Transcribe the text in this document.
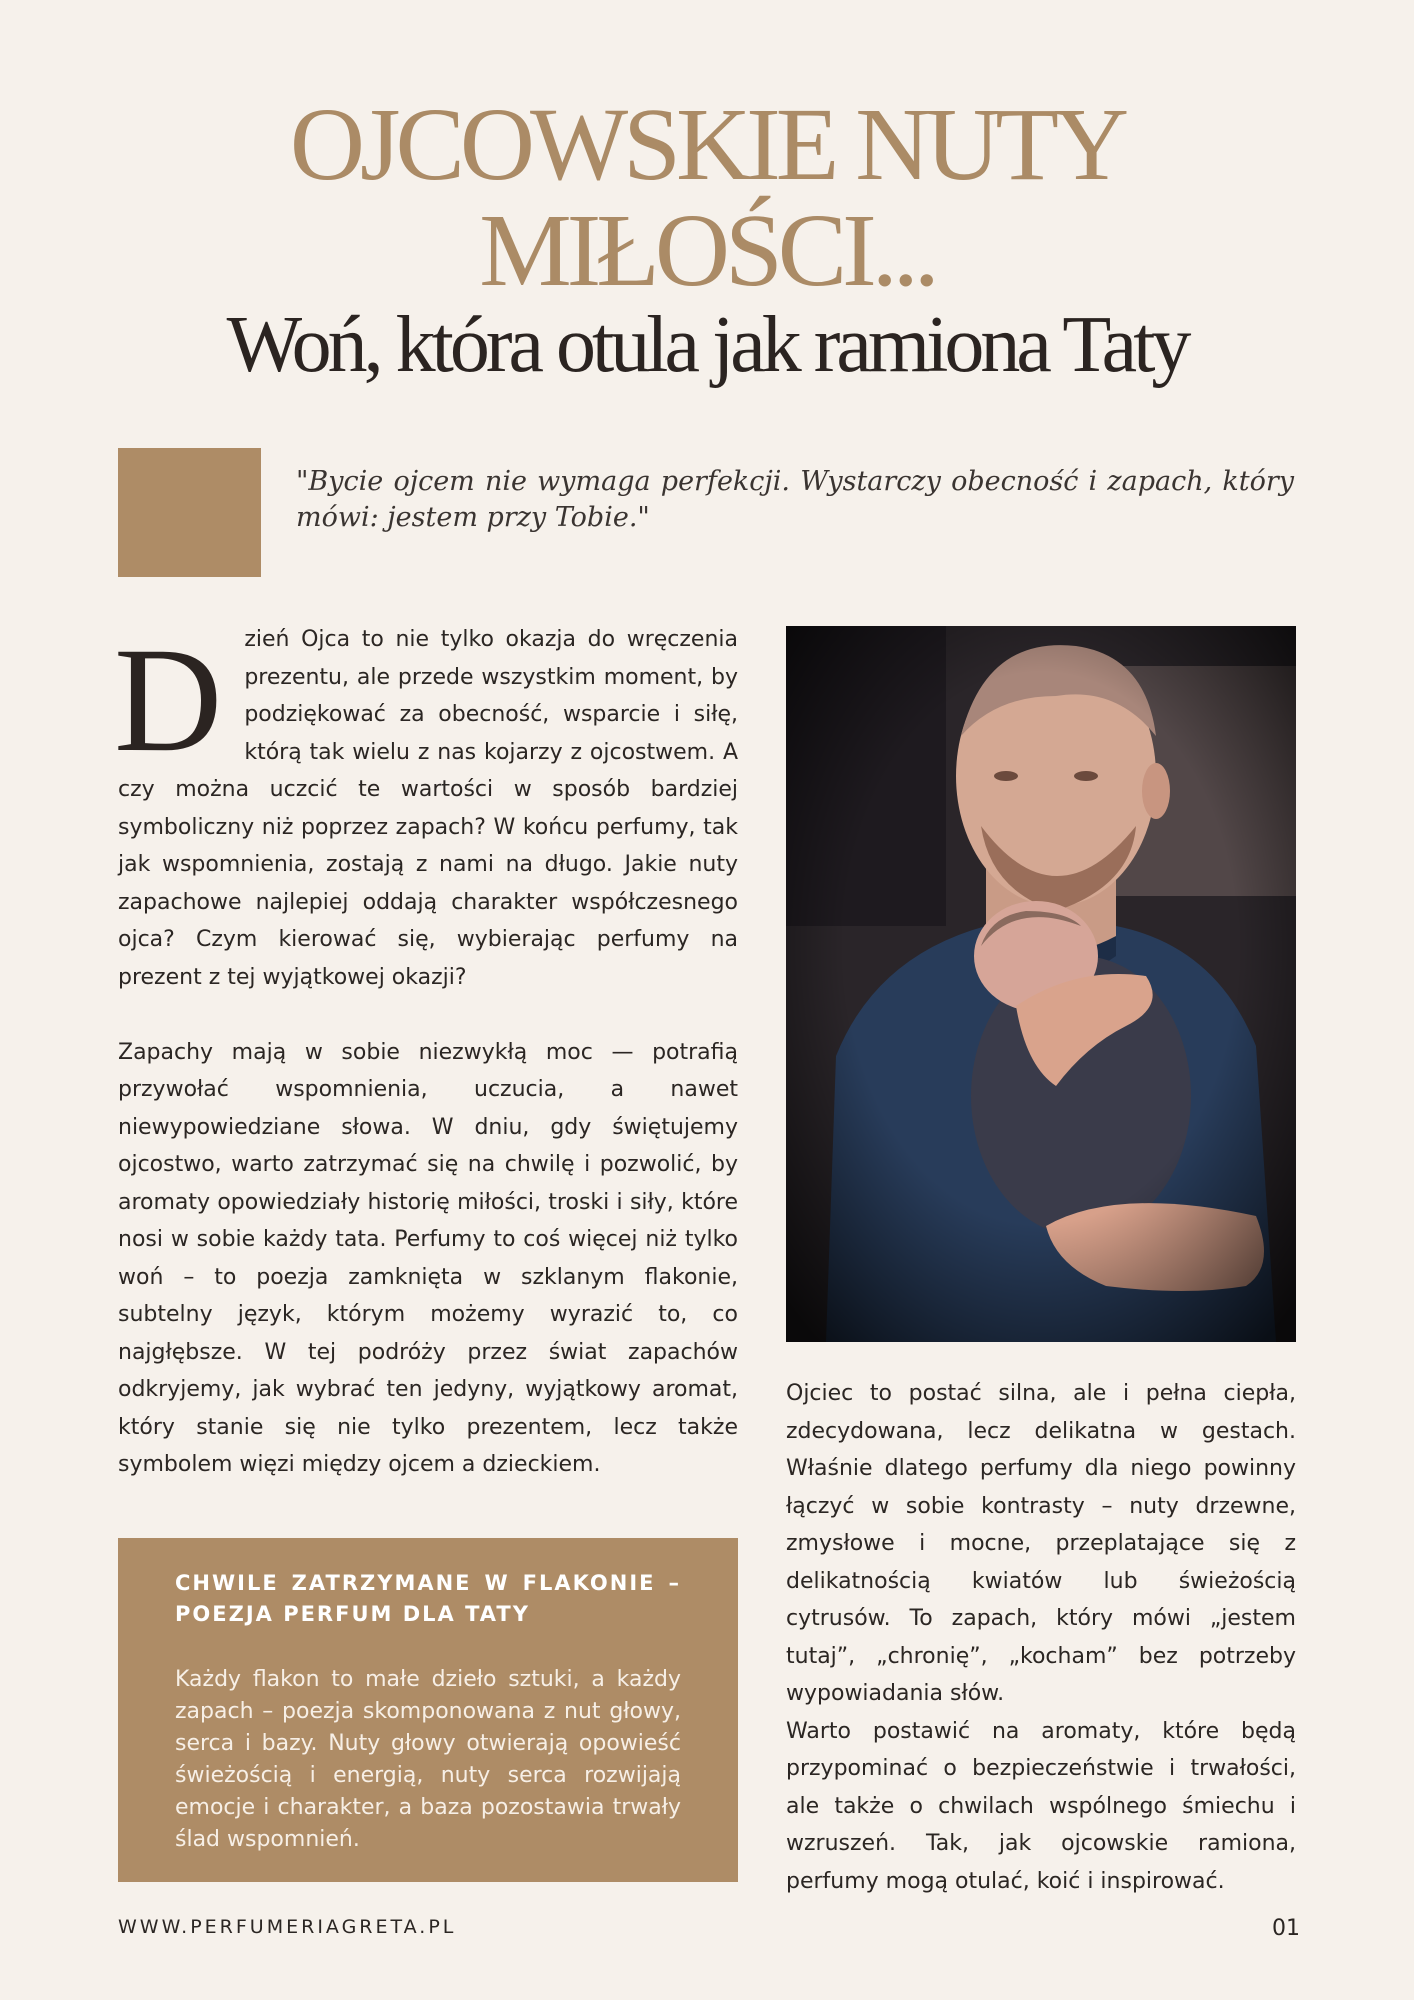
OJCOWSKIE NUTY
MIŁOŚCI...
Woń, która otula jak ramiona Taty
"Bycie ojcem nie wymaga perfekcji. Wystarczy obecność i zapach, który mówi: jestem przy Tobie."

D zień Ojca to nie tylko okazja do wręczenia prezentu, ale przede wszystkim moment, by podziękować za obecność, wsparcie i siłę, którą tak wielu z nas kojarzy z ojcostwem. A czy można uczcić te wartości w sposób bardziej symboliczny niż poprzez zapach? W końcu perfumy, tak jak wspomnienia, zostają z nami na długo. Jakie nuty zapachowe najlepiej oddają charakter współczesnego ojca? Czym kierować się, wybierając perfumy na prezent z tej wyjątkowej okazji?

Zapachy mają w sobie niezwykłą moc — potrafią przywołać wspomnienia, uczucia, a nawet niewypowiedziane słowa. W dniu, gdy świętujemy ojcostwo, warto zatrzymać się na chwilę i pozwolić, by aromaty opowiedziały historię miłości, troski i siły, które nosi w sobie każdy tata. Perfumy to coś więcej niż tylko woń – to poezja zamknięta w szklanym flakonie, subtelny język, którym możemy wyrazić to, co najgłębsze. W tej podróży przez świat zapachów odkryjemy, jak wybrać ten jedyny, wyjątkowy aromat, który stanie się nie tylko prezentem, lecz także symbolem więzi między ojcem a dzieckiem.

Ojciec to postać silna, ale i pełna ciepła, zdecydowana, lecz delikatna w gestach. Właśnie dlatego perfumy dla niego powinny łączyć w sobie kontrasty – nuty drzewne, zmysłowe i mocne, przeplatające się z delikatnością kwiatów lub świeżością cytrusów. To zapach, który mówi „jestem tutaj”, „chronię”, „kocham” bez potrzeby wypowiadania słów.

Warto postawić na aromaty, które będą przypominać o bezpieczeństwie i trwałości, ale także o chwilach wspólnego śmiechu i wzruszeń. Tak, jak ojcowskie ramiona, perfumy mogą otulać, koić i inspirować.

CHWILE ZATRZYMANE W FLAKONIE – POEZJA PERFUM DLA TATY

Każdy flakon to małe dzieło sztuki, a każdy zapach – poezja skomponowana z nut głowy, serca i bazy. Nuty głowy otwierają opowieść świeżością i energią, nuty serca rozwijają emocje i charakter, a baza pozostawia trwały ślad wspomnień.

WWW.PERFUMERIAGRETA.PL	01
